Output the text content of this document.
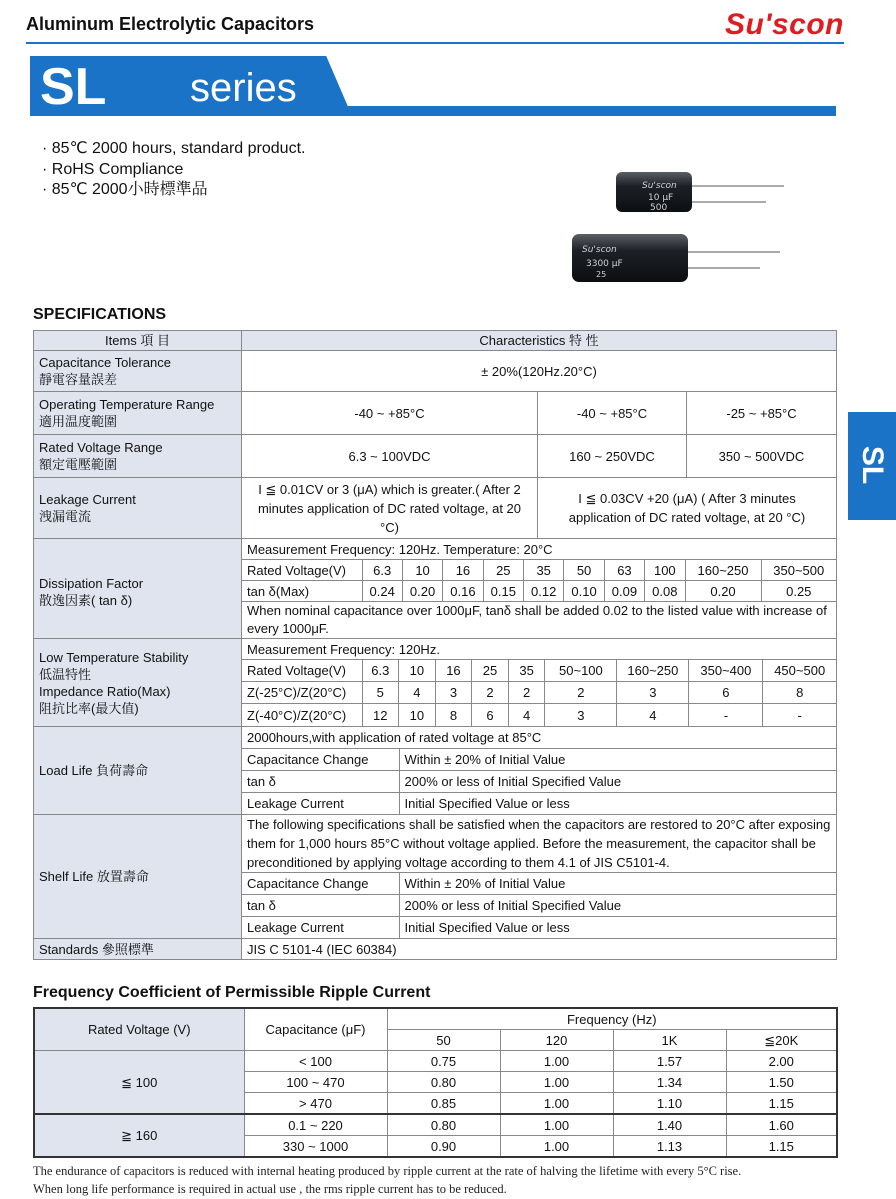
Aluminum Electrolytic Capacitors	Su'scon
SL series
SL
· 85℃ 2000 hours, standard product.
· RoHS Compliance
· 85℃ 2000小時標準品	Su'scon
10 μF
500
Su'scon
3300 μF
25
SPECIFICATIONS
Items 項 目	Characteristics 特 性

Capacitance Tolerance
靜電容量誤差
	± 20%(120Hz.20°C)

Operating Temperature Range
適用温度範圍
	-40 ~ +85°C	-40 ~ +85°C	-25 ~ +85°C

Rated Voltage Range
額定電壓範圍
	6.3 ~ 100VDC	160 ~ 250VDC	350 ~ 500VDC

Leakage Current
洩漏電流
	I ≦ 0.01CV or 3 (μA) which is greater.( After 2 minutes application of DC rated voltage, at 20 °C)	I ≦ 0.03CV +20 (μA) ( After 3 minutes application of DC rated voltage, at 20 °C)

Dissipation Factor
散逸因素( tan δ)

Measurement Frequency: 120Hz. Temperature: 20°C
Rated Voltage(V)	6.3	10	16	25	35	50	63	100	160~250	350~500
tan δ(Max)	0.24	0.20	0.16	0.15	0.12	0.10	0.09	0.08	0.20	0.25
When nominal capacitance over 1000μF, tanδ shall be added 0.02 to the listed value with increase of every 1000μF.

Low Temperature Stability
低温特性
Impedance Ratio(Max)
阻抗比率(最大值)

Measurement Frequency: 120Hz.
Rated Voltage(V)	6.3	10	16	25	35	50~100	160~250	350~400	450~500
Z(-25°C)/Z(20°C)	5	4	3	2	2	2	3	6	8
Z(-40°C)/Z(20°C)	12	10	8	6	4	3	4	-	-

Load Life 負荷壽命	
2000hours,with application of rated voltage at 85°C
Capacitance Change	Within ± 20% of Initial Value
tan δ	200% or less of Initial Specified Value
Leakage Current	Initial Specified Value or less

Shelf Life 放置壽命	
The following specifications shall be satisfied when the capacitors are restored to 20°C after exposing them for 1,000 hours 85°C without voltage applied. Before the measurement, the capacitor shall be preconditioned by applying voltage according to them 4.1 of JIS C5101-4.
Capacitance Change	Within ± 20% of Initial Value
tan δ	200% or less of Initial Specified Value
Leakage Current	Initial Specified Value or less

Standards 參照標準	JIS C 5101-4 (IEC 60384)
Frequency Coefficient of Permissible Ripple Current
Rated Voltage (V)	Capacitance (μF)	Frequency (Hz)			
		50	120	1K	≦20K
≦ 100	< 100	0.75	1.00	1.57	2.00
	100 ~ 470	0.80	1.00	1.34	1.50
	> 470	0.85	1.00	1.10	1.15
≧ 160	0.1 ~ 220	0.80	1.00	1.40	1.60
	330 ~ 1000	0.90	1.00	1.13	1.15
The endurance of capacitors is reduced with internal heating produced by ripple current at the rate of halving the lifetime with every 5°C rise.
When long life performance is required in actual use , the rms ripple current has to be reduced.
